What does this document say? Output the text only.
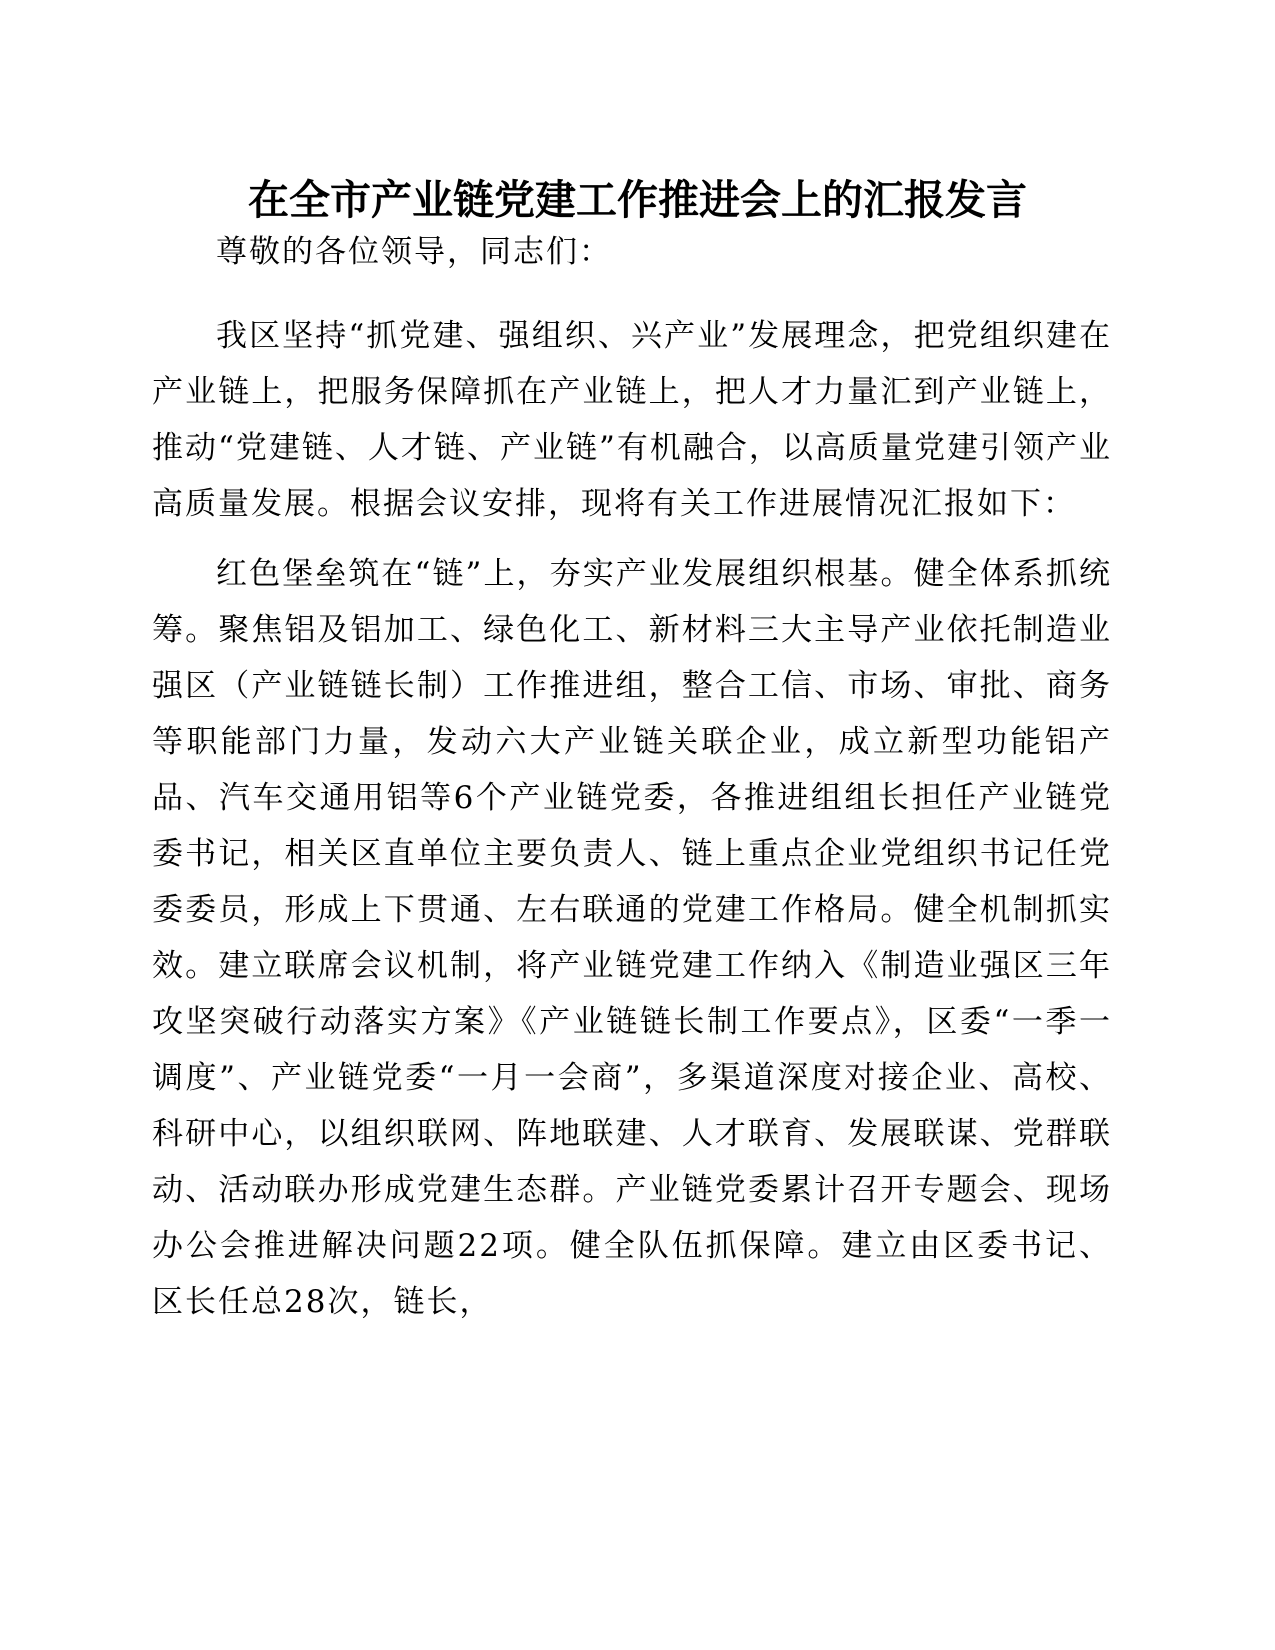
在全市产业链党建工作推进会上的汇报发言

尊敬的各位领导，同志们：

我区坚持“抓党建、强组织、兴产业”发展理念，把党组织建在产业链上，把服务保障抓在产业链上，把人才力量汇到产业链上，推动“党建链、人才链、产业链”有机融合，以高质量党建引领产业高质量发展。根据会议安排，现将有关工作进展情况汇报如下：

红色堡垒筑在“链”上，夯实产业发展组织根基。健全体系抓统筹。聚焦铝及铝加工、绿色化工、新材料三大主导产业依托制造业强区（产业链链长制）工作推进组，整合工信、市场、审批、商务等职能部门力量，发动六大产业链关联企业，成立新型功能铝产品、汽车交通用铝等6个产业链党委，各推进组组长担任产业链党委书记，相关区直单位主要负责人、链上重点企业党组织书记任党委委员，形成上下贯通、左右联通的党建工作格局。健全机制抓实效。建立联席会议机制，将产业链党建工作纳入《制造业强区三年攻坚突破行动落实方案》《产业链链长制工作要点》，区委“一季一调度”、产业链党委“一月一会商”，多渠道深度对接企业、高校、科研中心，以组织联网、阵地联建、人才联育、发展联谋、党群联动、活动联办形成党建生态群。产业链党委累计召开专题会、现场办公会推进解决问题22项。健全队伍抓保障。建立由区委书记、区长任总28次，链长，
